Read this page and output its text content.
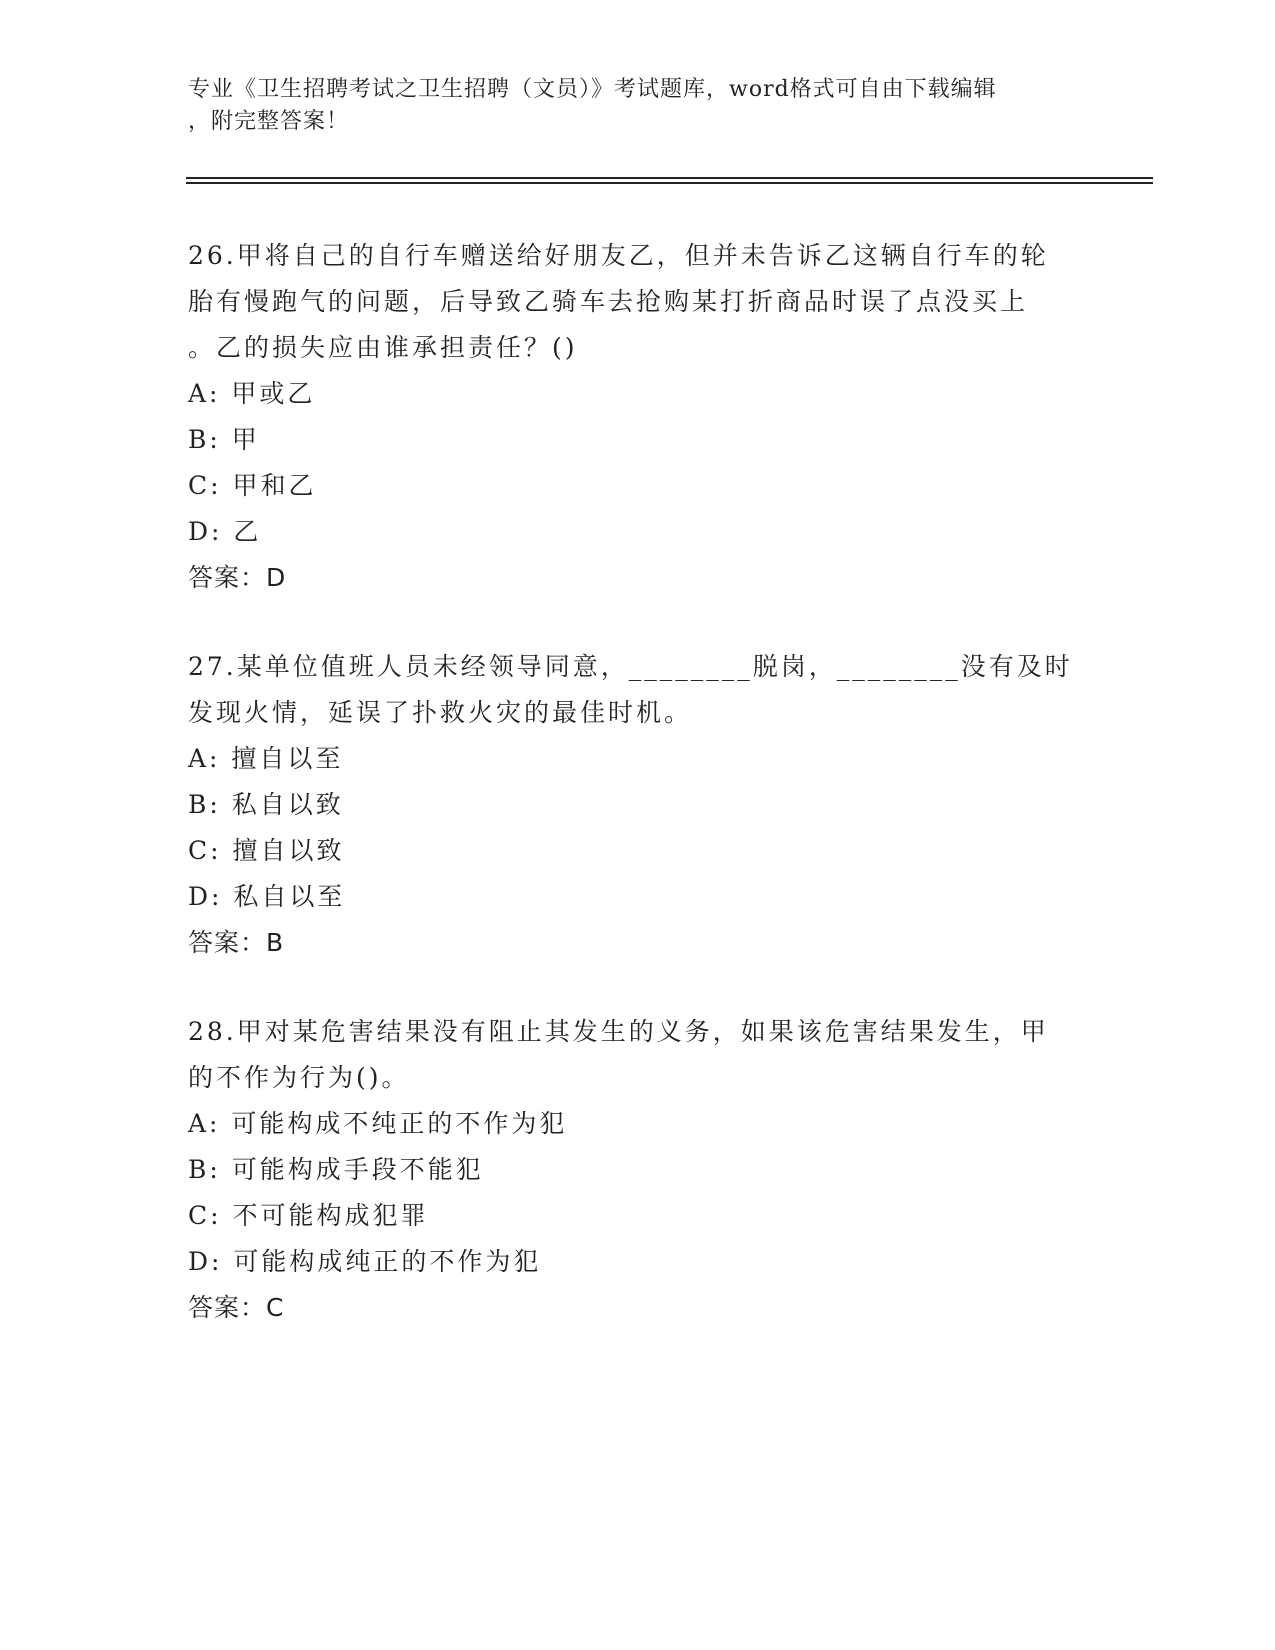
专业《卫生招聘考试之卫生招聘（文员）》考试题库，word格式可自由下载编辑
，附完整答案！
26.甲将自己的自行车赠送给好朋友乙，但并未告诉乙这辆自行车的轮
胎有慢跑气的问题，后导致乙骑车去抢购某打折商品时误了点没买上
。乙的损失应由谁承担责任？()
A: 甲或乙
B: 甲
C: 甲和乙
D: 乙
答案：D
27.某单位值班人员未经领导同意，________脱岗，________没有及时
发现火情，延误了扑救火灾的最佳时机。
A: 擅自以至
B: 私自以致
C: 擅自以致
D: 私自以至
答案：B
28.甲对某危害结果没有阻止其发生的义务，如果该危害结果发生，甲
的不作为行为()。
A: 可能构成不纯正的不作为犯
B: 可能构成手段不能犯
C: 不可能构成犯罪
D: 可能构成纯正的不作为犯
答案：C
